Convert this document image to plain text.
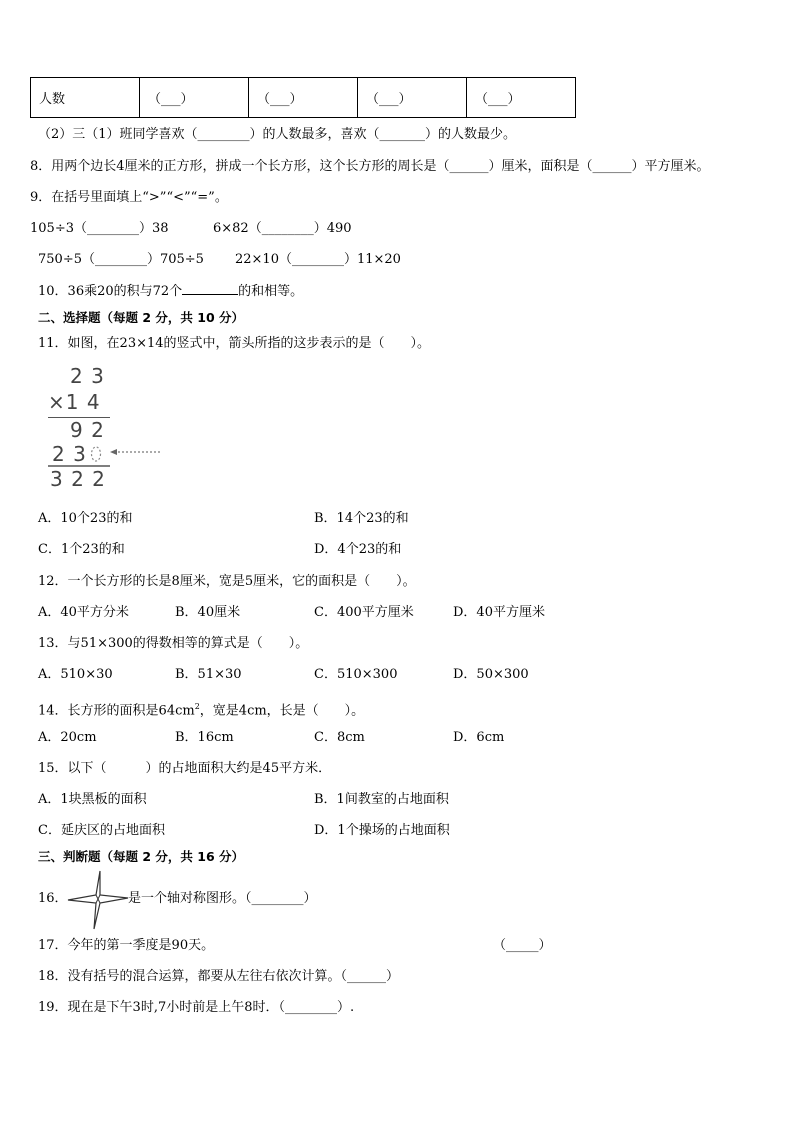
人数	（___）	（___）	（___）	（___）
（2）三（1）班同学喜欢（________）的人数最多，喜欢（_______）的人数最少。
8．用两个边长4厘米的正方形，拼成一个长方形，这个长方形的周长是（______）厘米，面积是（______）平方厘米。
9．在括号里面填上“>”“<”“=”。
105÷3（________）38	6×82（________）490
750÷5（________）705÷5 22×10（________）11×20
10．36乘20的积与72个	的和相等。
二、选择题（每题 2 分，共 10 分）
11．如图，在23×14的竖式中，箭头所指的这步表示的是（　　）。
2 3
×1 4
9 2
2 3
3 2 2
A．10个23的和	B．14个23的和
C．1个23的和	D．4个23的和
12．一个长方形的长是8厘米，宽是5厘米，它的面积是（　　）。
A．40平方分米	B．40厘米	C．400平方厘米	D．40平方厘米
13．与51×300的得数相等的算式是（　　）。
A．510×30	B．51×30	C．510×300	D．50×300
14．长方形的面积是$64cm^2$，宽是4cm，长是（　　）。
A．20cm	B．16cm	C．8cm	D．6cm
15．以下（　　　）的占地面积大约是45平方米．
A．1块黑板的面积	B．1间教室的占地面积
C．延庆区的占地面积	D．1个操场的占地面积
三、判断题（每题 2 分，共 16 分）
16．	是一个轴对称图形。（________）
17．今年的第一季度是90天。	（_____）
18．没有括号的混合运算，都要从左往右依次计算。（______）
19．现在是下午3时,7小时前是上午8时．（________）.
